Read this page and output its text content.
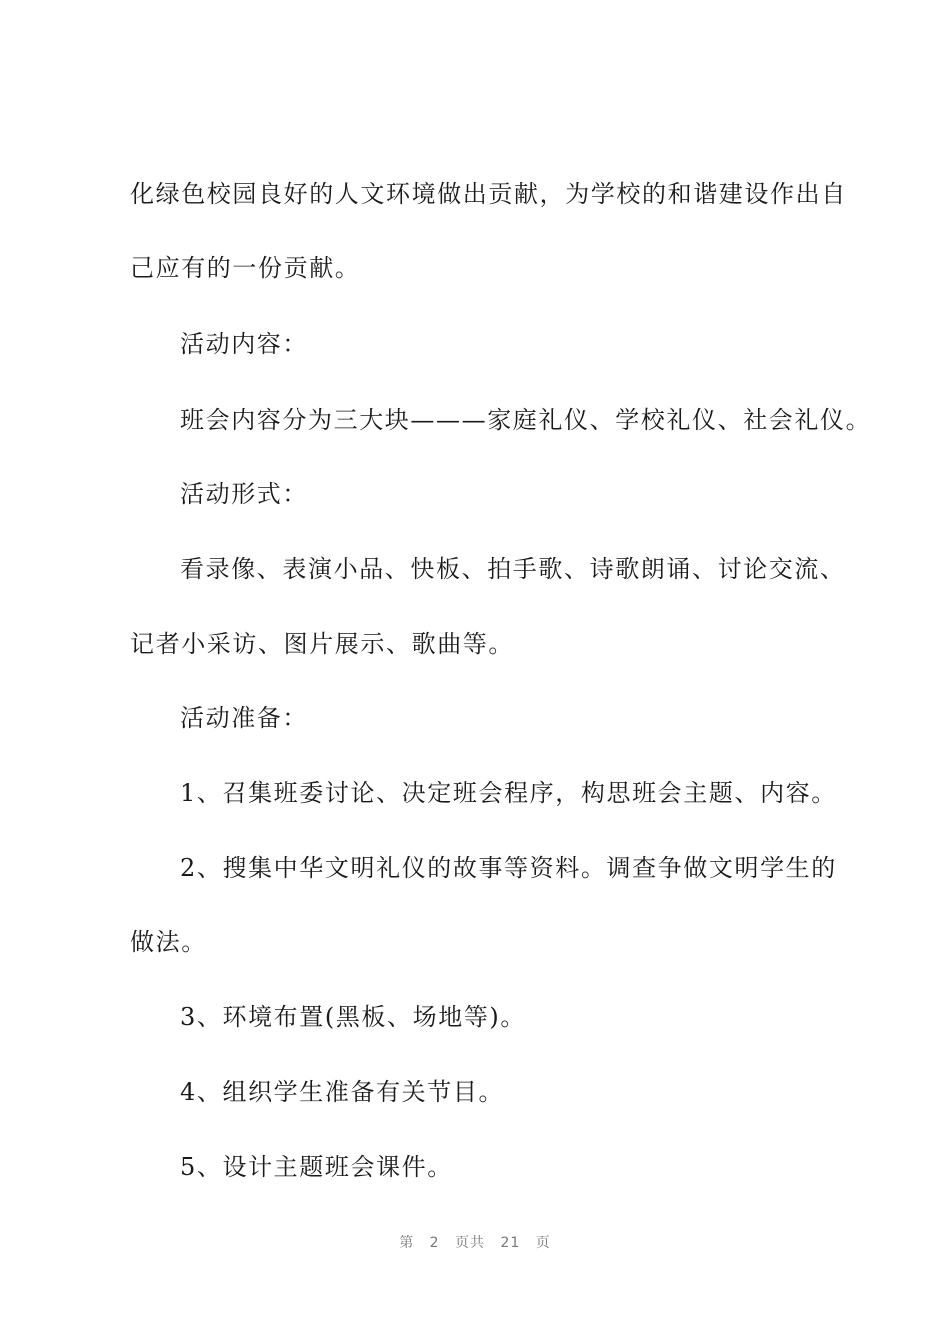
化绿色校园良好的人文环境做出贡献，为学校的和谐建设作出自
己应有的一份贡献。
活动内容：
班会内容分为三大块———家庭礼仪、学校礼仪、社会礼仪。
活动形式：
看录像、表演小品、快板、拍手歌、诗歌朗诵、讨论交流、
记者小采访、图片展示、歌曲等。
活动准备：
1、召集班委讨论、决定班会程序，构思班会主题、内容。
2、搜集中华文明礼仪的故事等资料。调查争做文明学生的
做法。
3、环境布置(黑板、场地等)。
4、组织学生准备有关节目。
5、设计主题班会课件。
第 2 页共 21 页
